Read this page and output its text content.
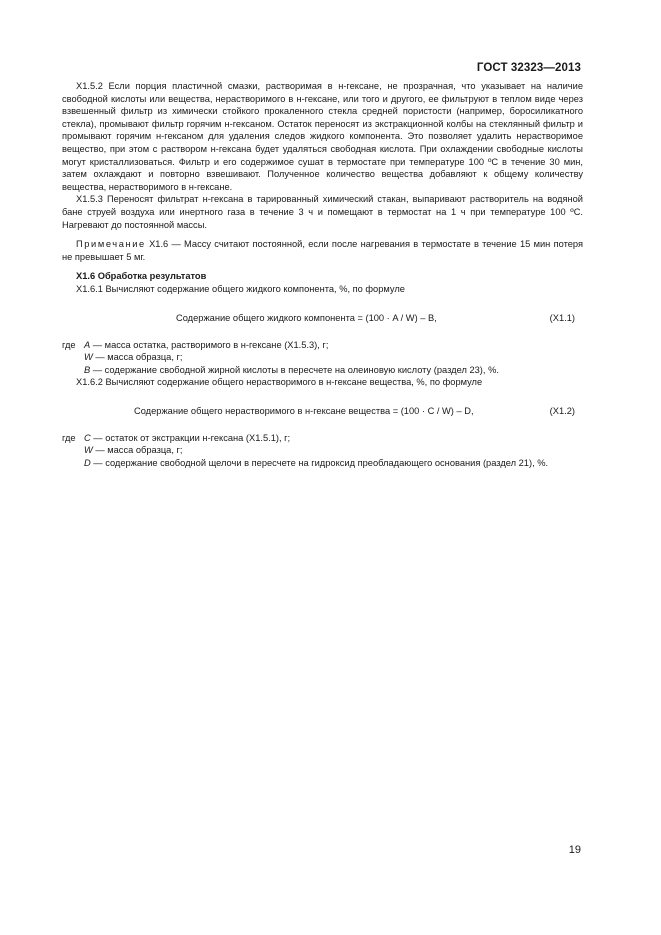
ГОСТ 32323—2013

Х1.5.2 Если порция пластичной смазки, растворимая в н-гексане, не прозрачная, что указывает на наличие свободной кислоты или вещества, нерастворимого в н-гексане, или того и другого, ее фильтруют в теплом виде через взвешенный фильтр из химически стойкого прокаленного стекла средней пористости (например, боросиликатного стекла), промывают фильтр горячим н-гексаном. Остаток переносят из экстракционной колбы на стеклянный фильтр и промывают горячим н-гексаном для удаления следов жидкого компонента. Это позволяет удалить нерастворимое вещество, при этом с раствором н-гексана будет удаляться свободная кислота. При охлаждении свободные кислоты могут кристаллизоваться. Фильтр и его содержимое сушат в термостате при температуре 100 ºС в течение 30 мин, затем охлаждают и повторно взвешивают. Полученное количество вещества добавляют к общему количеству вещества, нерастворимого в н-гексане.

Х1.5.3 Переносят фильтрат н-гексана в тарированный химический стакан, выпаривают растворитель на водяной бане струей воздуха или инертного газа в течение 3 ч и помещают в термостат на 1 ч при температуре 100 ºС. Нагревают до постоянной массы.

Примечание Х1.6 — Массу считают постоянной, если после нагревания в термостате в течение 15 мин потеря не превышает 5 мг.

Х1.6 Обработка результатов

Х1.6.1 Вычисляют содержание общего жидкого компонента, %, по формуле

Содержание общего жидкого компонента = (100 · A / W) – B,	(Х1.1)
где A — масса остатка, растворимого в н-гексане (Х1.5.3), г;
W — масса образца, г;
B — содержание свободной жирной кислоты в пересчете на олеиновую кислоту (раздел 23), %.

Х1.6.2 Вычисляют содержание общего нерастворимого в н-гексане вещества, %, по формуле

Содержание общего нерастворимого в н-гексане вещества = (100 · C / W) – D,	(Х1.2)
где C — остаток от экстракции н-гексана (Х1.5.1), г;
W — масса образца, г;
D — содержание свободной щелочи в пересчете на гидроксид преобладающего основания (раздел 21), %.
19
